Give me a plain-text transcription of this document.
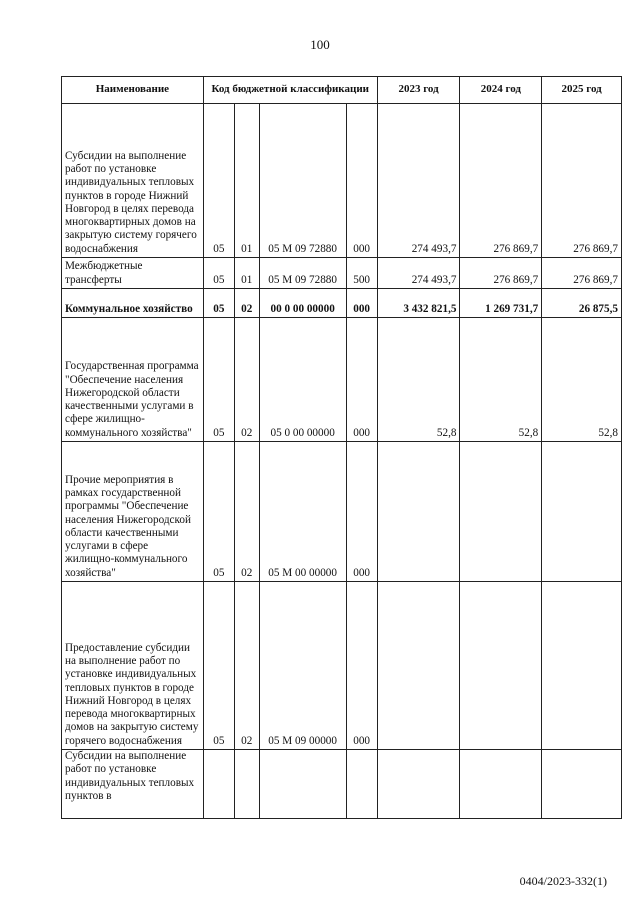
100
Наименование	Код бюджетной классификации				2023 год	2024 год	2025 год
Субсидии на выполнение работ по установке индивидуальных тепловых пунктов в городе Нижний Новгород в целях перевода многоквартирных домов на закрытую систему горячего водоснабжения	05	01	05 М 09 72880	000	274 493,7	276 869,7	276 869,7
Межбюджетные трансферты	05	01	05 М 09 72880	500	274 493,7	276 869,7	276 869,7
Коммунальное хозяйство	05	02	00 0 00 00000	000	3 432 821,5	1 269 731,7	26 875,5
Государственная программа "Обеспечение населения Нижегородской области качественными услугами в сфере жилищно-коммунального хозяйства"	05	02	05 0 00 00000	000	52,8	52,8	52,8
Прочие мероприятия в рамках государственной программы "Обеспечение населения Нижегородской области качественными услугами в сфере жилищно-коммунального хозяйства"	05	02	05 М 00 00000	000			
Предоставление субсидии на выполнение работ по установке индивидуальных тепловых пунктов в городе Нижний Новгород в целях перевода многоквартирных домов на закрытую систему горячего водоснабжения	05	02	05 М 09 00000	000			

Субсидии на выполнение работ по установке индивидуальных тепловых пунктов в							

0404/2023-332(1)
